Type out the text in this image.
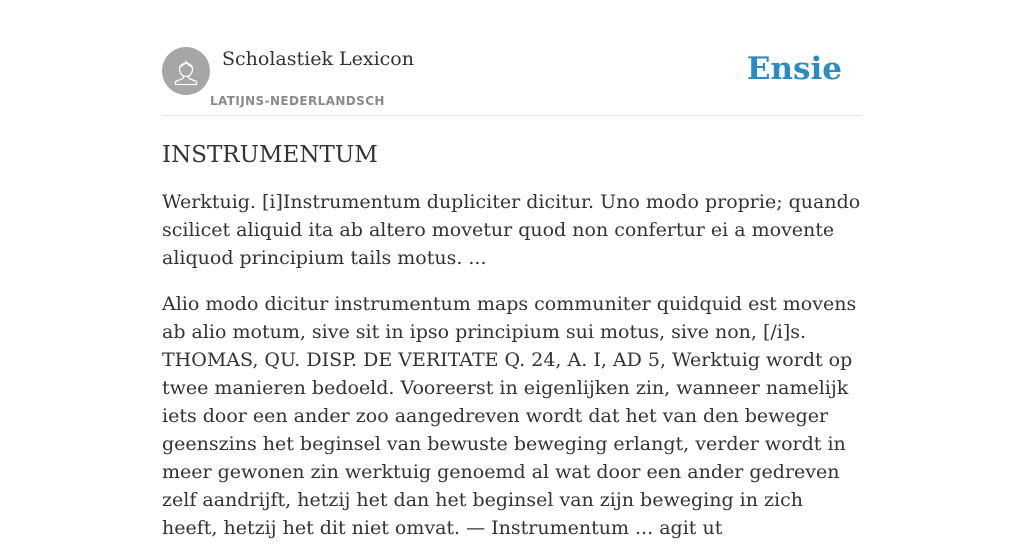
Scholastiek Lexicon
LATIJNS-NEDERLANDSCH
Ensie
INSTRUMENTUM

Werktuig. [i]Instrumentum dupliciter dicitur. Uno modo proprie; quando scilicet aliquid ita ab altero movetur quod non confertur ei a movente aliquod principium tails motus. ...

Alio modo dicitur instrumentum maps communiter quidquid est movens ab alio motum, sive sit in ipso principium sui motus, sive non, [/i]s. THOMAS, QU. DISP. DE VERITATE Q. 24, A. I, AD 5, Werktuig wordt op twee manieren bedoeld. Vooreerst in eigenlijken zin, wanneer namelijk iets door een ander zoo aangedreven wordt dat het van den beweger geenszins het beginsel van bewuste beweging erlangt, verder wordt in meer gewonen zin werktuig genoemd al wat door een ander gedreven zelf aandrijft, hetzij het dan het beginsel van zijn beweging in zich heeft, hetzij het dit niet omvat. — Instrumentum ... agit ut
